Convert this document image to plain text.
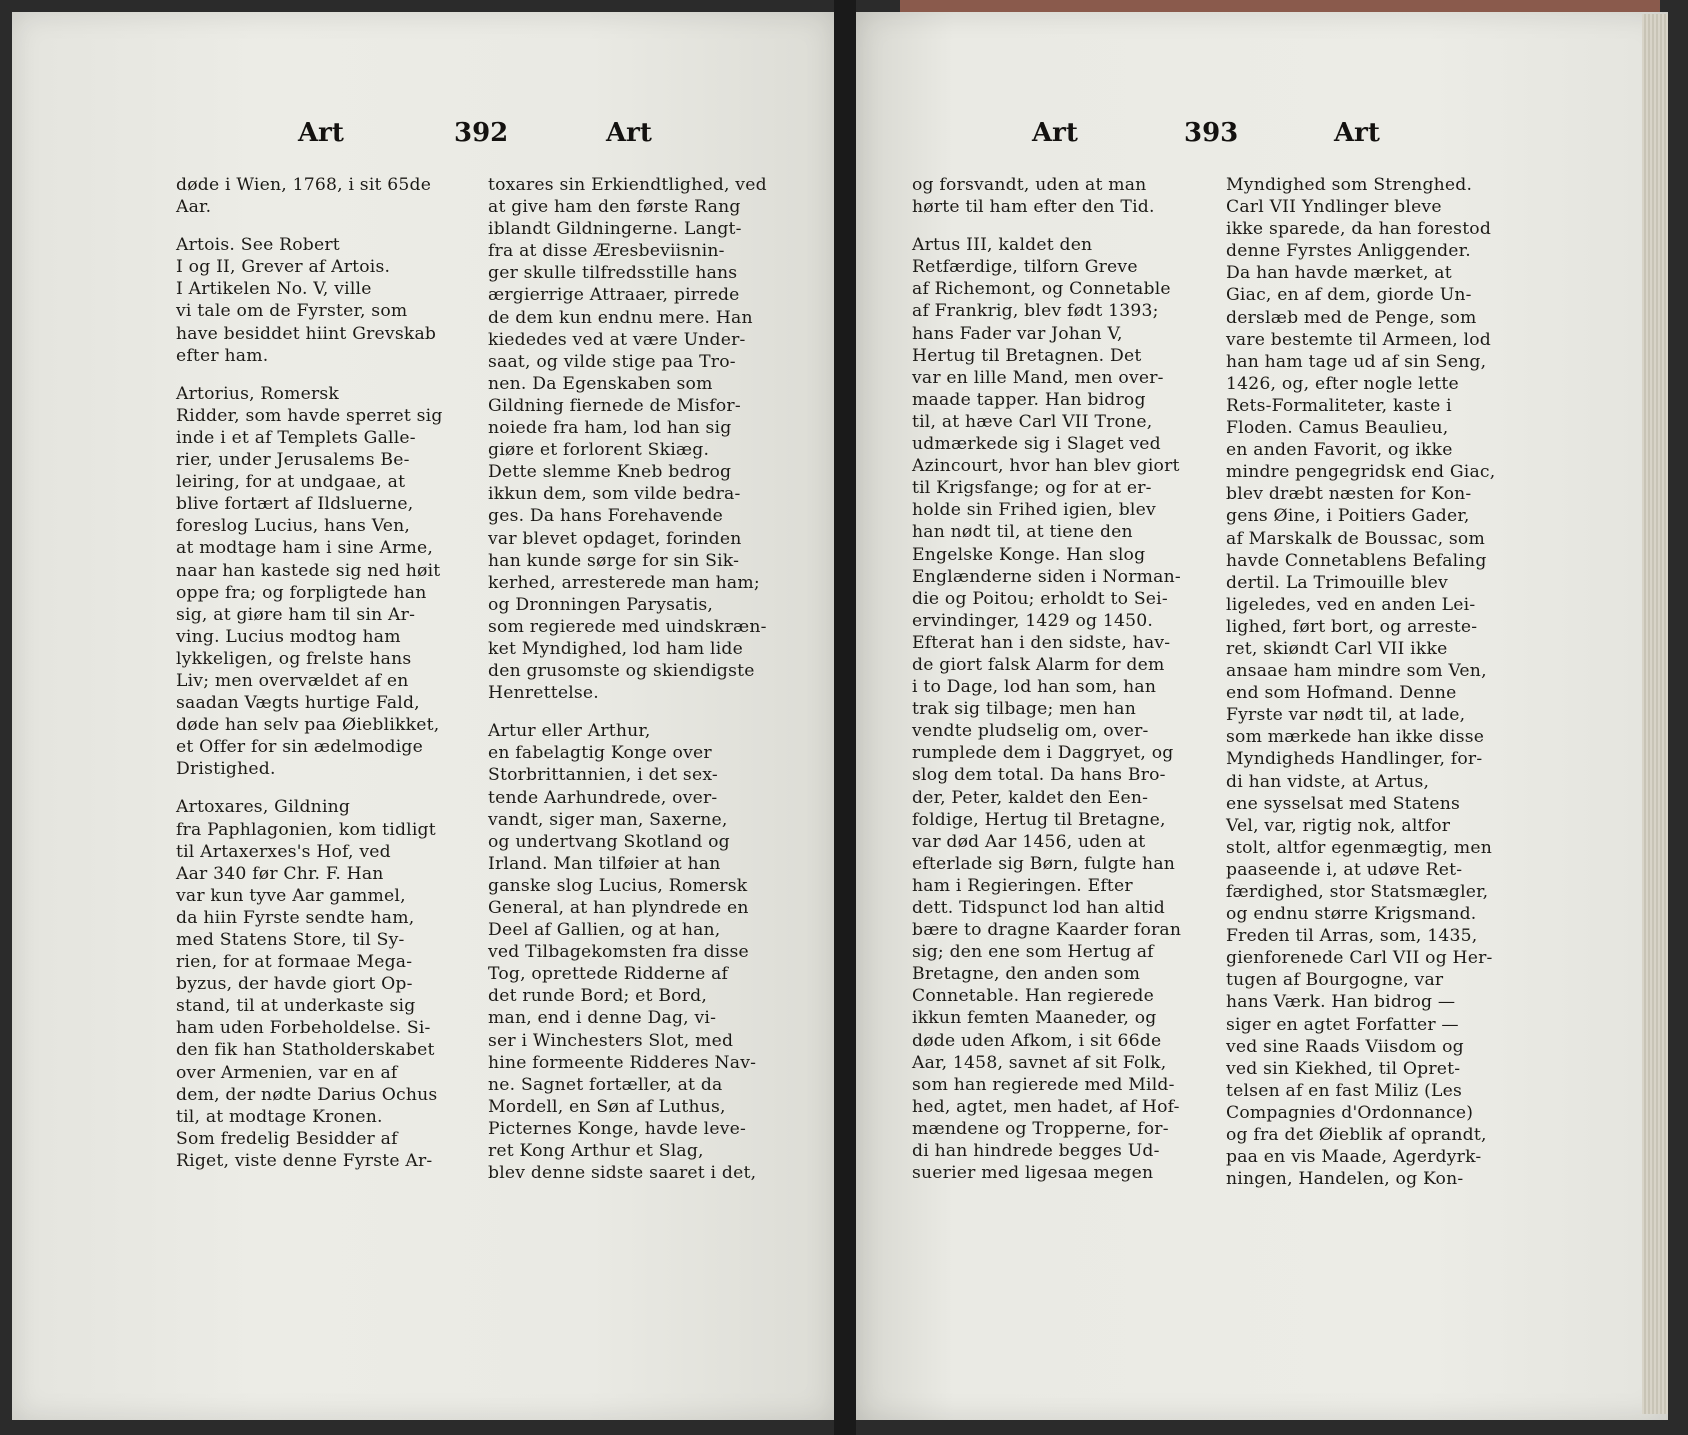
Art	392	Art	Art	393	Art

døde i Wien, 1768, i sit 65de

Aar.

Artois. See Robert

I og II, Grever af Artois.

I Artikelen No. V, ville

vi tale om de Fyrster, som

have besiddet hiint Grevskab

efter ham.

Artorius, Romersk

Ridder, som havde sperret sig

inde i et af Templets Gallе-

rier, under Jerusalems Be-

leiring, for at undgaae, at

blive fortært af Ildsluerne,

foreslog Lucius, hans Ven,

at modtage ham i sine Arme,

naar han kastede sig ned høit

oppe fra; og forpligtede han

sig, at giøre ham til sin Ar-

ving. Lucius modtog ham

lykkeligen, og frelste hans

Liv; men overvældet af en

saadan Vægts hurtige Fald,

døde han selv paa Øieblikket,

et Offer for sin ædelmodige

Dristighed.

Artoxares, Gildning

fra Paphlagonien, kom tidligt

til Artaxerxes's Hof, ved

Aar 340 før Chr. F. Han

var kun tyve Aar gammel,

da hiin Fyrste sendte ham,

med Statens Store, til Sy-

rien, for at formaae Mega-

byzus, der havde giort Op-

stand, til at underkaste sig

ham uden Forbeholdelse. Si-

den fik han Statholderskabet

over Armenien, var en af

dem, der nødte Darius Ochus

til, at modtage Kronen.

Som fredelig Besidder af

Riget, viste denne Fyrste Ar-

toxares sin Erkiendtlighed, ved

at give ham den første Rang

iblandt Gildningerne. Langt-

fra at disse Æresbeviisnin-

ger skulle tilfredsstille hans

ærgierrige Attraaer, pirrede

de dem kun endnu mere. Han

kiededes ved at være Under-

saat, og vilde stige paa Tro-

nen. Da Egenskaben som

Gildning fiernede de Misfor-

noiede fra ham, lod han sig

giøre et forlorent Skiæg.

Dette slemme Kneb bedrog

ikkun dem, som vilde bedra-

ges. Da hans Forehavende

var blevet opdaget, forinden

han kunde sørge for sin Sik-

kerhed, arresterede man ham;

og Dronningen Parysatis,

som regierede med uindskræn-

ket Myndighed, lod ham lide

den grusomste og skiendigste

Henrettelse.

Artur eller Arthur,

en fabelagtig Konge over

Storbrittannien, i det sex-

tende Aarhundrede, over-

vandt, siger man, Saxerne,

og undertvang Skotland og

Irland. Man tilføier at han

ganske slog Lucius, Romersk

General, at han plyndrede en

Deel af Gallien, og at han,

ved Tilbagekomsten fra disse

Tog, oprettede Ridderne af

det runde Bord; et Bord,

man, end i denne Dag, vi-

ser i Winchesters Slot, med

hine formeente Ridderes Nav-

ne. Sagnet fortæller, at da

Mordell, en Søn af Luthus,

Picternes Konge, havde leve-

ret Kong Arthur et Slag,

blev denne sidste saaret i det,

og forsvandt, uden at man

hørte til ham efter den Tid.

Artus III, kaldet den

Retfærdige, tilforn Greve

af Richemont, og Connetable

af Frankrig, blev født 1393;

hans Fader var Johan V,

Hertug til Bretagnen. Det

var en lille Mand, men over-

maade tapper. Han bidrog

til, at hæve Carl VII Trone,

udmærkede sig i Slaget ved

Azincourt, hvor han blev giort

til Krigsfange; og for at er-

holde sin Frihed igien, blev

han nødt til, at tiene den

Engelske Konge. Han slog

Englænderne siden i Norman-

die og Poitou; erholdt to Sei-

ervindinger, 1429 og 1450.

Efterat han i den sidste, hav-

de giort falsk Alarm for dem

i to Dage, lod han som, han

trak sig tilbage; men han

vendte pludselig om, over-

rumplede dem i Daggryet, og

slog dem total. Da hans Bro-

der, Peter, kaldet den Een-

foldige, Hertug til Bretagne,

var død Aar 1456, uden at

efterlade sig Børn, fulgte han

ham i Regieringen. Efter

dett. Tidspunct lod han altid

bære to dragne Kaarder foran

sig; den ene som Hertug af

Bretagne, den anden som

Connetable. Han regierede

ikkun femten Maaneder, og

døde uden Afkom, i sit 66de

Aar, 1458, savnet af sit Folk,

som han regierede med Mild-

hed, agtet, men hadet, af Hof-

mændene og Tropperne, for-

di han hindrede begges Ud-

suerier med ligesaa megen

Myndighed som Strenghed.

Carl VII Yndlinger bleve

ikke sparede, da han forestod

denne Fyrstes Anliggender.

Da han havde mærket, at

Giac, en af dem, giorde Un-

derslæb med de Penge, som

vare bestemte til Armeen, lod

han ham tage ud af sin Seng,

1426, og, efter nogle lette

Rets-Formaliteter, kaste i

Floden. Camus Beaulieu,

en anden Favorit, og ikke

mindre pengegridsk end Giac,

blev dræbt næsten for Kon-

gens Øine, i Poitiers Gader,

af Marskalk de Boussac, som

havde Connetablens Befaling

dertil. La Trimouille blev

ligeledes, ved en anden Lei-

lighed, ført bort, og arreste-

ret, skiøndt Carl VII ikke

ansaae ham mindre som Ven,

end som Hofmand. Denne

Fyrste var nødt til, at lade,

som mærkede han ikke disse

Myndigheds Handlinger, for-

di han vidste, at Artus,

ene sysselsat med Statens

Vel, var, rigtig nok, altfor

stolt, altfor egenmægtig, men

paaseende i, at udøve Ret-

færdighed, stor Statsmægler,

og endnu større Krigsmand.

Freden til Arras, som, 1435,

gienforenede Carl VII og Her-

tugen af Bourgogne, var

hans Værk. Han bidrog —

siger en agtet Forfatter —

ved sine Raads Viisdom og

ved sin Kiekhed, til Opret-

telsen af en fast Miliz (Les

Compagnies d'Ordonnance)

og fra det Øieblik af oprandt,

paa en vis Maade, Agerdyrk-

ningen, Handelen, og Kon-
